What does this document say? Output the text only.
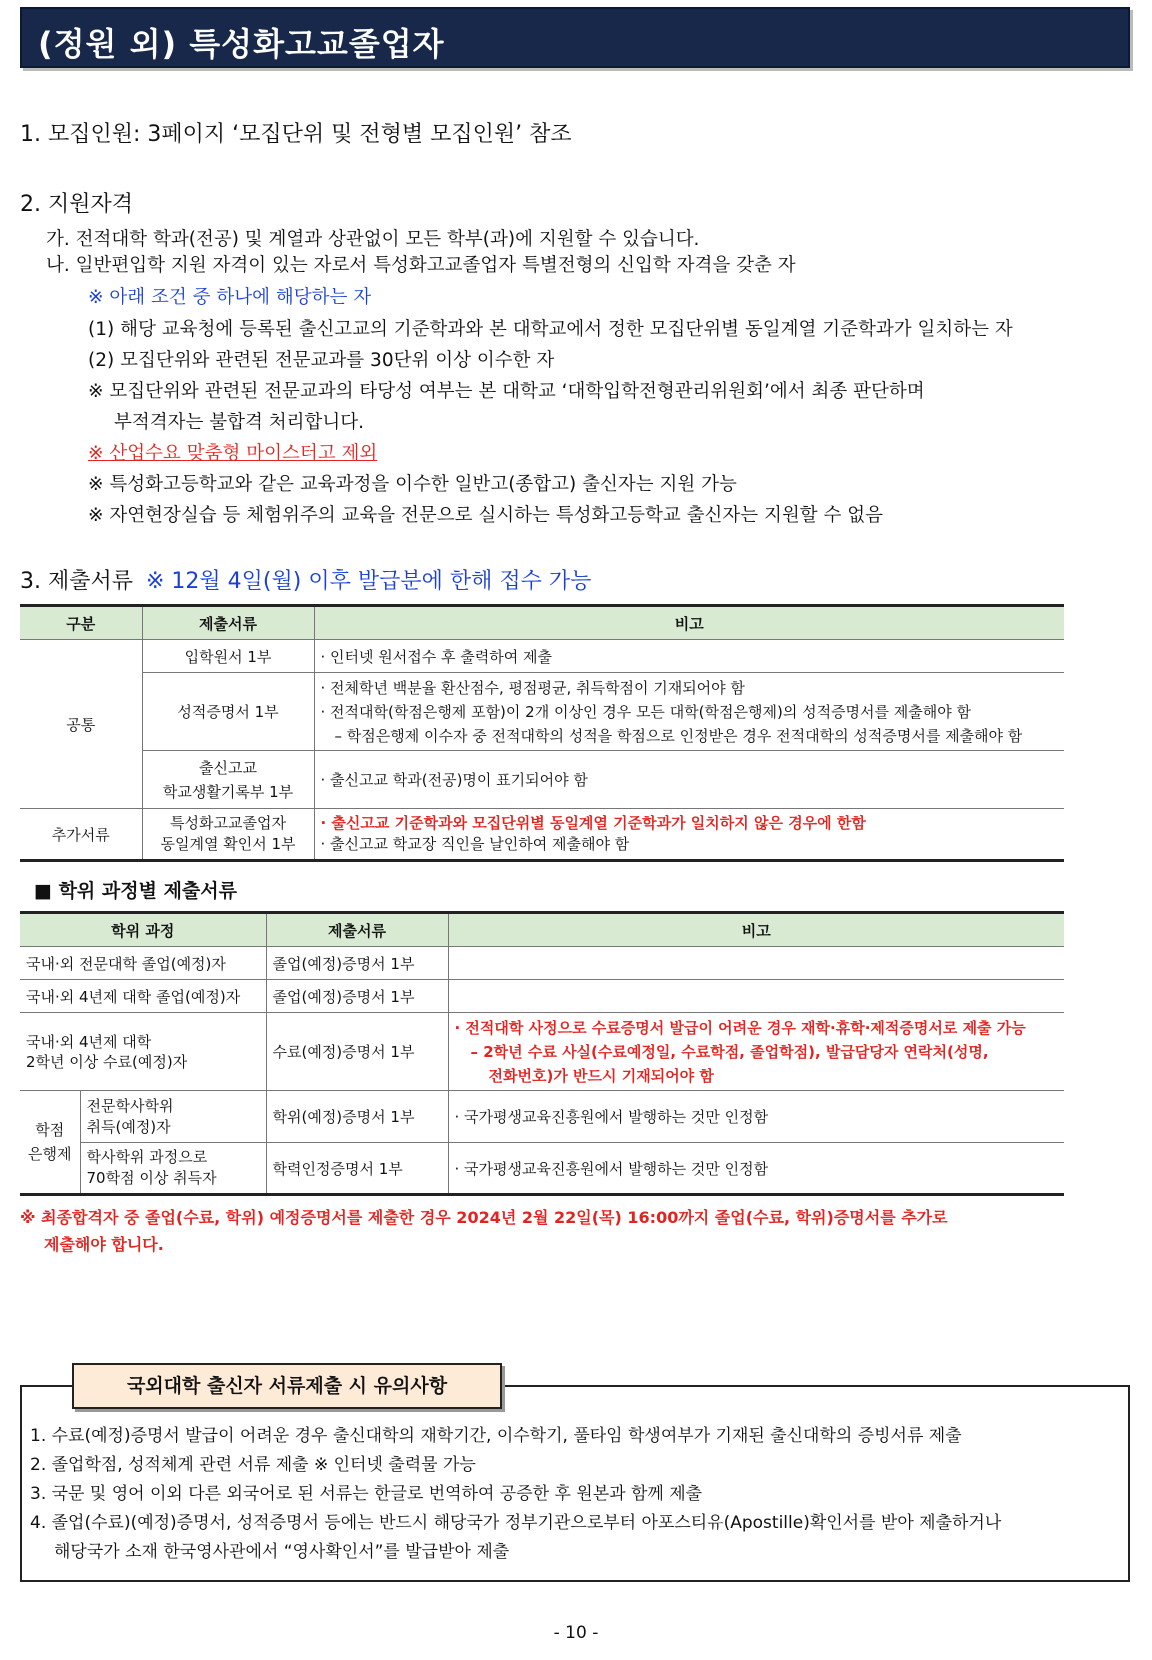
(정원 외) 특성화고교졸업자
1. 모집인원: 3페이지 ‘모집단위 및 전형별 모집인원’ 참조
2. 지원자격
가. 전적대학 학과(전공) 및 계열과 상관없이 모든 학부(과)에 지원할 수 있습니다.
나. 일반편입학 지원 자격이 있는 자로서 특성화고교졸업자 특별전형의 신입학 자격을 갖춘 자
※ 아래 조건 중 하나에 해당하는 자
(1) 해당 교육청에 등록된 출신고교의 기준학과와 본 대학교에서 정한 모집단위별 동일계열 기준학과가 일치하는 자
(2) 모집단위와 관련된 전문교과를 30단위 이상 이수한 자
※ 모집단위와 관련된 전문교과의 타당성 여부는 본 대학교 ‘대학입학전형관리위원회’에서 최종 판단하며
부적격자는 불합격 처리합니다.
※ 산업수요 맞춤형 마이스터고 제외
※ 특성화고등학교와 같은 교육과정을 이수한 일반고(종합고) 출신자는 지원 가능
※ 자연현장실습 등 체험위주의 교육을 전문으로 실시하는 특성화고등학교 출신자는 지원할 수 없음
3. 제출서류 ※ 12월 4일(월) 이후 발급분에 한해 접수 가능
구분	제출서류	비고
공통	입학원서 1부	· 인터넷 원서접수 후 출력하여 제출
	성적증명서 1부	· 전체학년 백분율 환산점수, 평점평균, 취득학점이 기재되어야 함
· 전적대학(학점은행제 포함)이 2개 이상인 경우 모든 대학(학점은행제)의 성적증명서를 제출해야 함
– 학점은행제 이수자 중 전적대학의 성적을 학점으로 인정받은 경우 전적대학의 성적증명서를 제출해야 함

	출신고교
학교생활기록부 1부	· 출신고교 학과(전공)명이 표기되어야 함
추가서류	특성화고교졸업자
동일계열 확인서 1부	· 출신고교 기준학과와 모집단위별 동일계열 기준학과가 일치하지 않은 경우에 한함
· 출신고교 학교장 직인을 날인하여 제출해야 함
■ 학위 과정별 제출서류
학위 과정		제출서류	비고
국내·외 전문대학 졸업(예정)자		졸업(예정)증명서 1부	
국내·외 4년제 대학 졸업(예정)자		졸업(예정)증명서 1부	

국내·외 4년제 대학
2학년 이상 수료(예정)자		수료(예정)증명서 1부	· 전적대학 사정으로 수료증명서 발급이 어려운 경우 재학·휴학·제적증명서로 제출 가능
– 2학년 수료 사실(수료예정일, 수료학점, 졸업학점), 발급담당자 연락처(성명,
전화번호)가 반드시 기재되어야 함

학점
은행제	전문학사학위
취득(예정)자	학위(예정)증명서 1부	· 국가평생교육진흥원에서 발행하는 것만 인정함

	학사학위 과정으로
70학점 이상 취득자	학력인정증명서 1부	· 국가평생교육진흥원에서 발행하는 것만 인정함
※ 최종합격자 중 졸업(수료, 학위) 예정증명서를 제출한 경우 2024년 2월 22일(목) 16:00까지 졸업(수료, 학위)증명서를 추가로
제출해야 합니다.
국외대학 출신자 서류제출 시 유의사항
1. 수료(예정)증명서 발급이 어려운 경우 출신대학의 재학기간, 이수학기, 풀타임 학생여부가 기재된 출신대학의 증빙서류 제출
2. 졸업학점, 성적체계 관련 서류 제출 ※ 인터넷 출력물 가능
3. 국문 및 영어 이외 다른 외국어로 된 서류는 한글로 번역하여 공증한 후 원본과 함께 제출
4. 졸업(수료)(예정)증명서, 성적증명서 등에는 반드시 해당국가 정부기관으로부터 아포스티유(Apostille)확인서를 받아 제출하거나
해당국가 소재 한국영사관에서 “영사확인서”를 발급받아 제출
- 10 -
